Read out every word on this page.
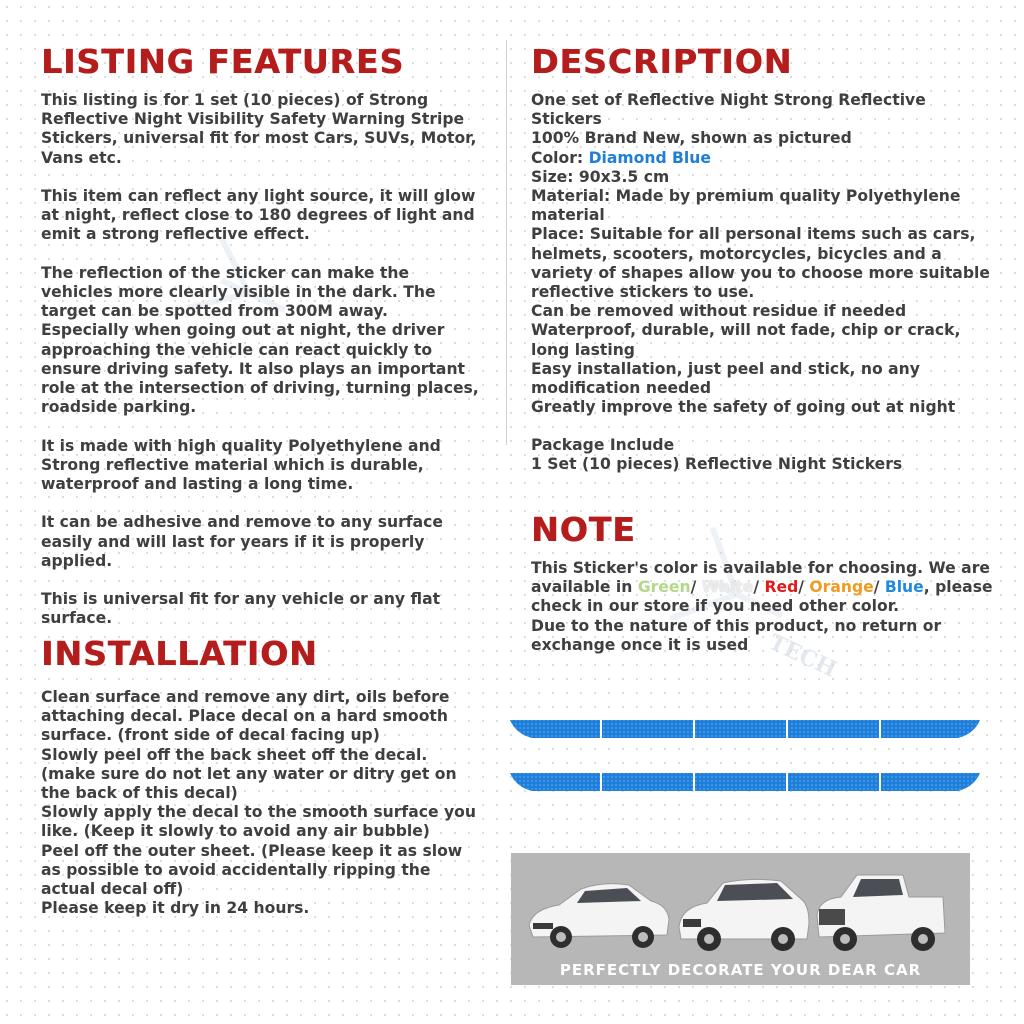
TECH
LISTING FEATURES

This listing is for 1 set (10 pieces) of Strong Reflective Night Visibility Safety Warning Stripe Stickers, universal fit for most Cars, SUVs, Motor, Vans etc.

This item can reflect any light source, it will glow at night, reflect close to 180 degrees of light and emit a strong reflective effect.

The reflection of the sticker can make the vehicles more clearly visible in the dark. The target can be spotted from 300M away. Especially when going out at night, the driver approaching the vehicle can react quickly to ensure driving safety. It also plays an important role at the intersection of driving, turning places, roadside parking.

It is made with high quality Polyethylene and Strong reflective material which is durable, waterproof and lasting a long time.

It can be adhesive and remove to any surface easily and will last for years if it is properly applied.

This is universal fit for any vehicle or any flat surface.

INSTALLATION

Clean surface and remove any dirt, oils before attaching decal. Place decal on a hard smooth surface. (front side of decal facing up)

Slowly peel off the back sheet off the decal. (make sure do not let any water or ditry get on the back of this decal)

Slowly apply the decal to the smooth surface you like. (Keep it slowly to avoid any air bubble)

Peel off the outer sheet. (Please keep it as slow as possible to avoid accidentally ripping the actual decal off)

Please keep it dry in 24 hours.

DESCRIPTION

One set of Reflective Night Strong Reflective Stickers

100% Brand New, shown as pictured

Color: Diamond Blue

Size: 90x3.5 cm

Material: Made by premium quality Polyethylene material

Place: Suitable for all personal items such as cars, helmets, scooters, motorcycles, bicycles and a variety of shapes allow you to choose more suitable reflective stickers to use.

Can be removed without residue if needed

Waterproof, durable, will not fade, chip or crack, long lasting

Easy installation, just peel and stick, no any modification needed

Greatly improve the safety of going out at night

Package Include

1 Set (10 pieces) Reflective Night Stickers

NOTE

This Sticker's color is available for choosing. We are available in Green/ White/ Red/ Orange/ Blue, please check in our store if you need other color.

Due to the nature of this product, no return or exchange once it is used

PERFECTLY DECORATE YOUR DEAR CAR
